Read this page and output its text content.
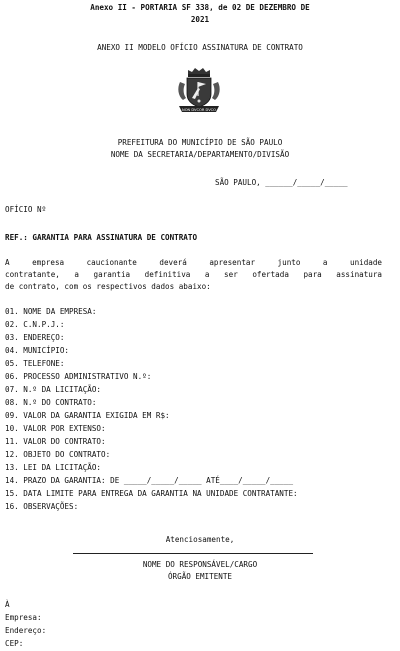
Anexo II - PORTARIA SF 338, de 02 DE DEZEMBRO DE
2021
ANEXO II MODELO OFÍCIO ASSINATURA DE CONTRATO
NON DVCOR DVCO
PREFEITURA DO MUNICÍPIO DE SÃO PAULO
NOME DA SECRETARIA/DEPARTAMENTO/DIVISÃO
SÃO PAULO, ______/_____/_____
OFÍCIO Nº
REF.: GARANTIA PARA ASSINATURA DE CONTRATO
A empresa caucionante deverá apresentar junto a unidade
contratante, a garantia definitiva a ser ofertada para assinatura
de contrato, com os respectivos dados abaixo:
01. NOME DA EMPRESA:
02. C.N.P.J.:
03. ENDEREÇO:
04. MUNICÍPIO:
05. TELEFONE:
06. PROCESSO ADMINISTRATIVO N.º:
07. N.º DA LICITAÇÃO:
08. N.º DO CONTRATO:
09. VALOR DA GARANTIA EXIGIDA EM R$:
10. VALOR POR EXTENSO:
11. VALOR DO CONTRATO:
12. OBJETO DO CONTRATO:
13. LEI DA LICITAÇÃO:
14. PRAZO DA GARANTIA: DE _____/_____/_____ ATÉ____/_____/_____
15. DATA LIMITE PARA ENTREGA DA GARANTIA NA UNIDADE CONTRATANTE:
16. OBSERVAÇÕES:
Atenciosamente,
NOME DO RESPONSÁVEL/CARGO
ÓRGÃO EMITENTE
À
Empresa:
Endereço:
CEP:
